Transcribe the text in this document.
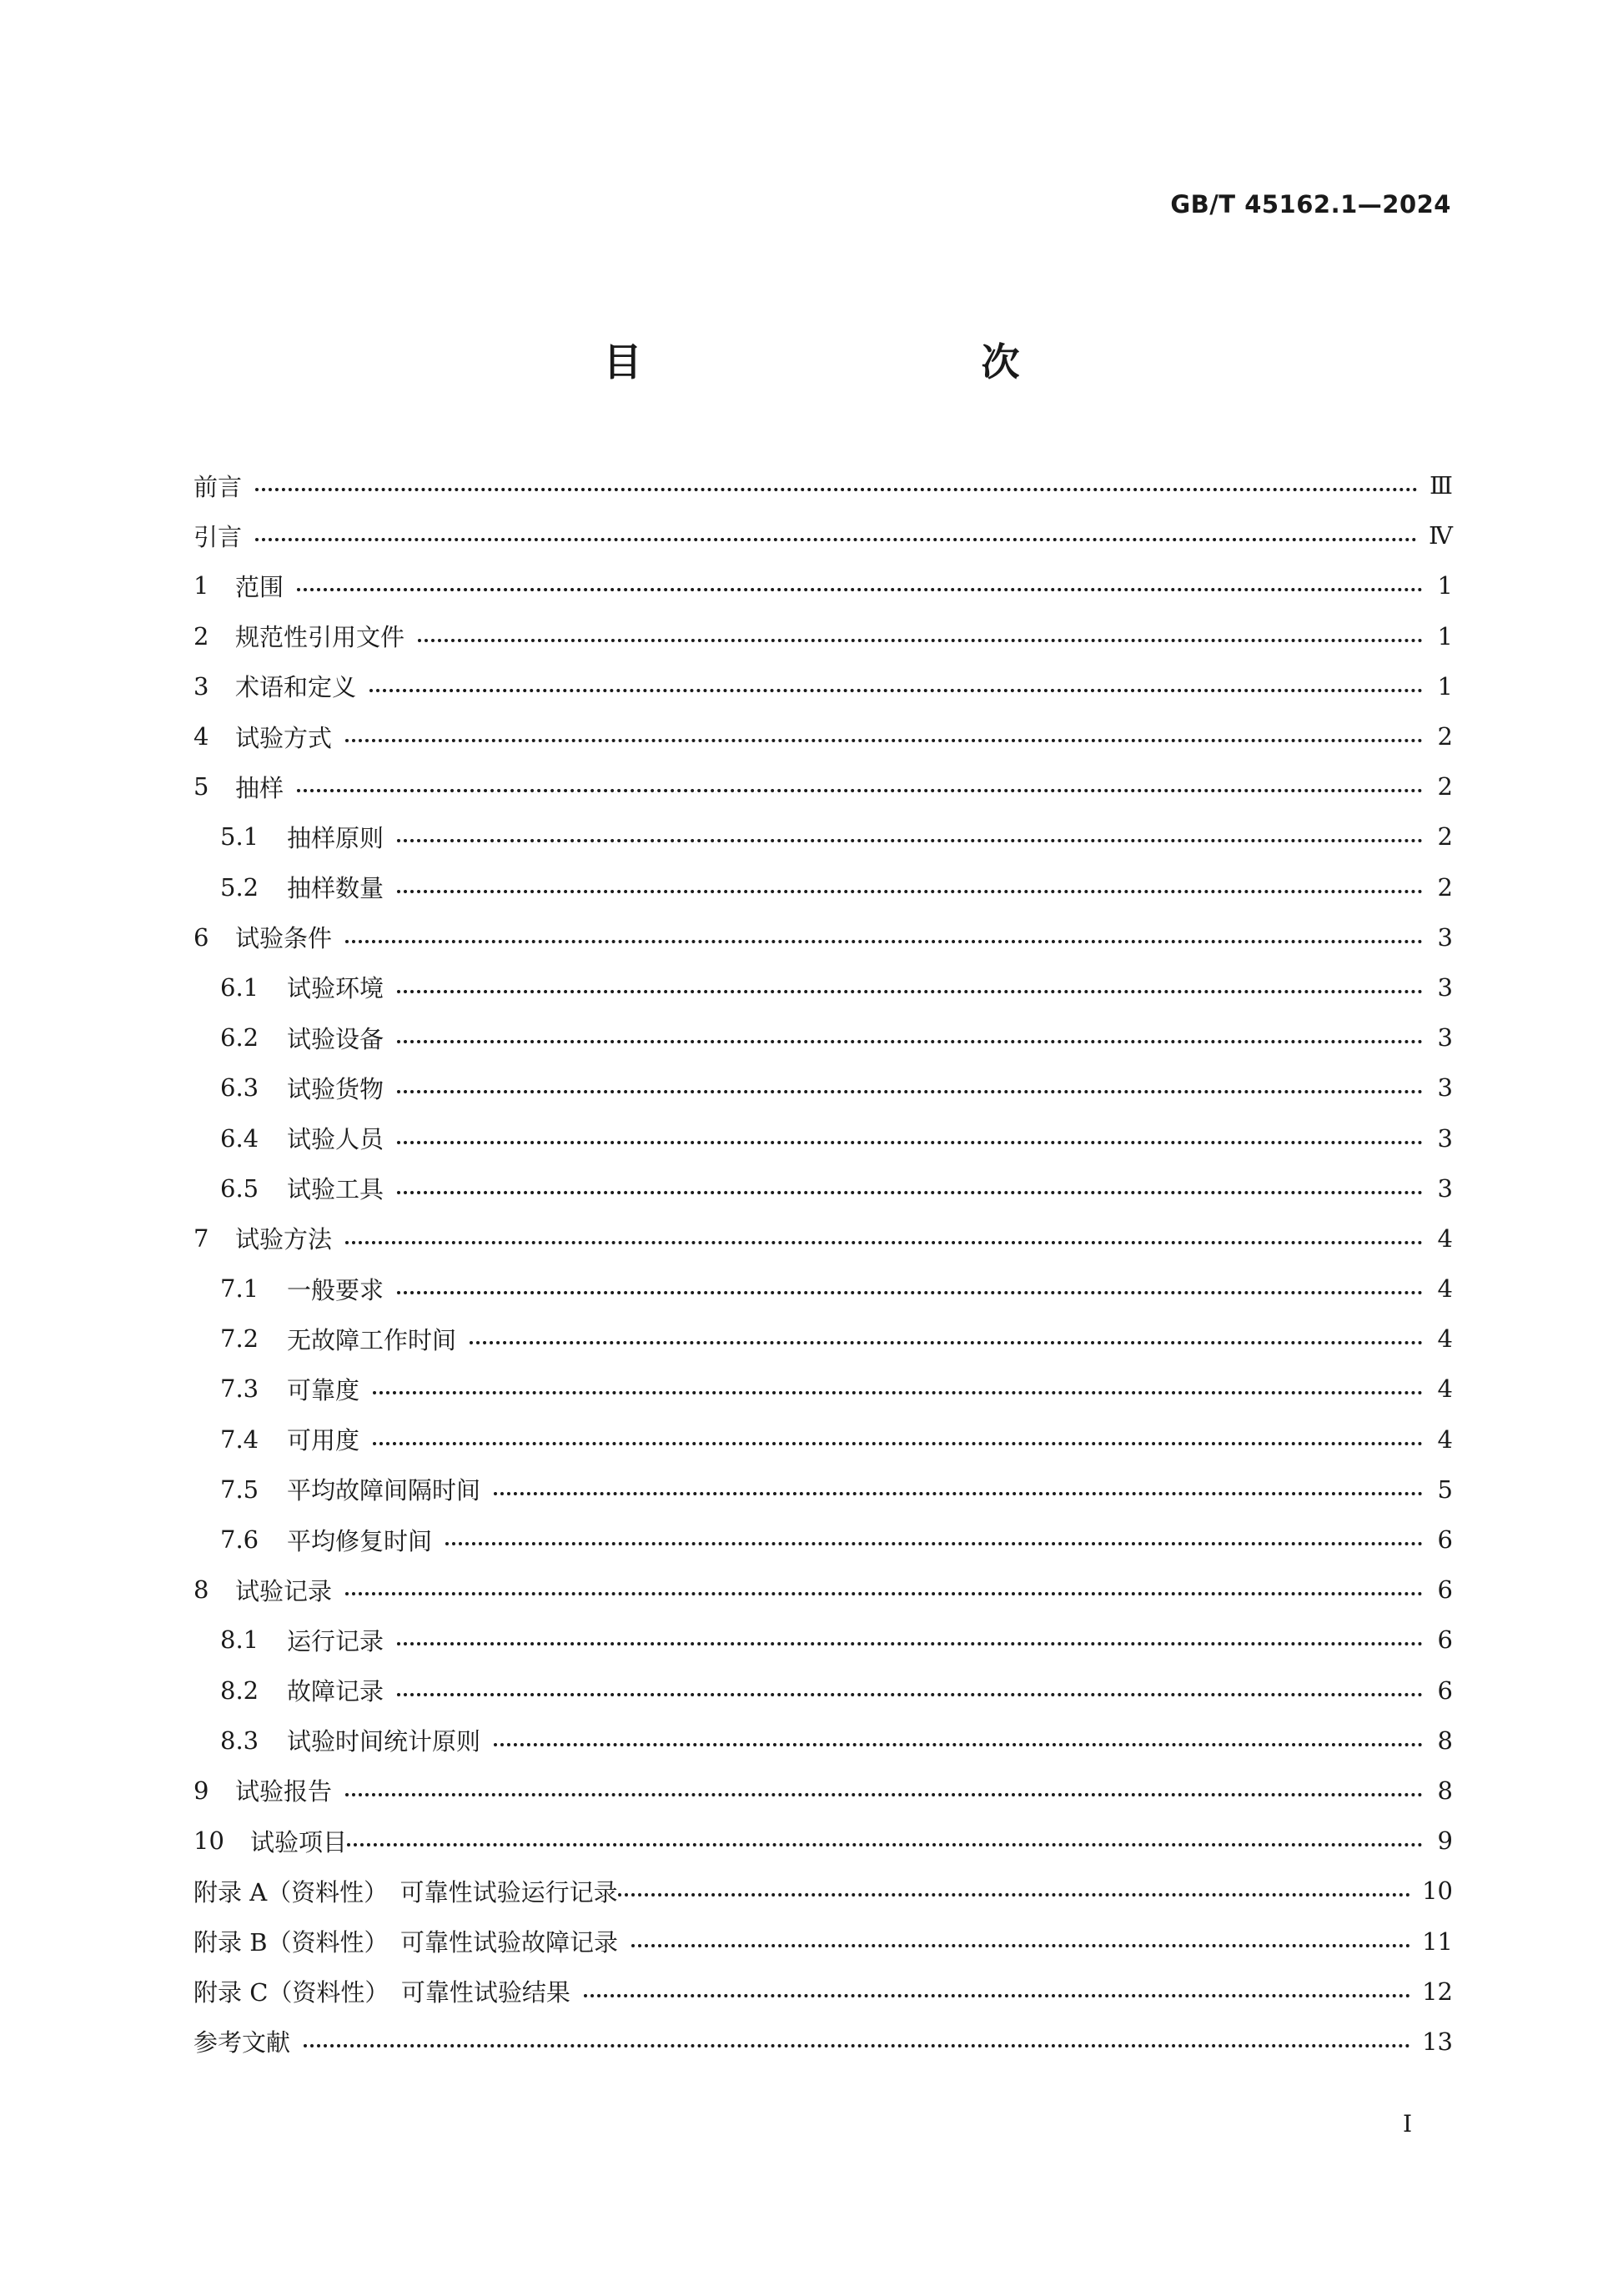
GB/T 45162.1—2024
目　　次
前言	Ⅲ
引言	Ⅳ
1	范围	1
2	规范性引用文件	1
3	术语和定义	1
4	试验方式	2
5	抽样	2
5.1	抽样原则	2
5.2	抽样数量	2
6	试验条件	3
6.1	试验环境	3
6.2	试验设备	3
6.3	试验货物	3
6.4	试验人员	3
6.5	试验工具	3
7	试验方法	4
7.1	一般要求	4
7.2	无故障工作时间	4
7.3	可靠度	4
7.4	可用度	4
7.5	平均故障间隔时间	5
7.6	平均修复时间	6
8	试验记录	6
8.1	运行记录	6
8.2	故障记录	6
8.3	试验时间统计原则	8
9	试验报告	8
10	试验项目	9
附录 A（资料性）　可靠性试验运行记录	10
附录 B（资料性）　可靠性试验故障记录	11
附录 C（资料性）　可靠性试验结果	12
参考文献	13
Ⅰ
